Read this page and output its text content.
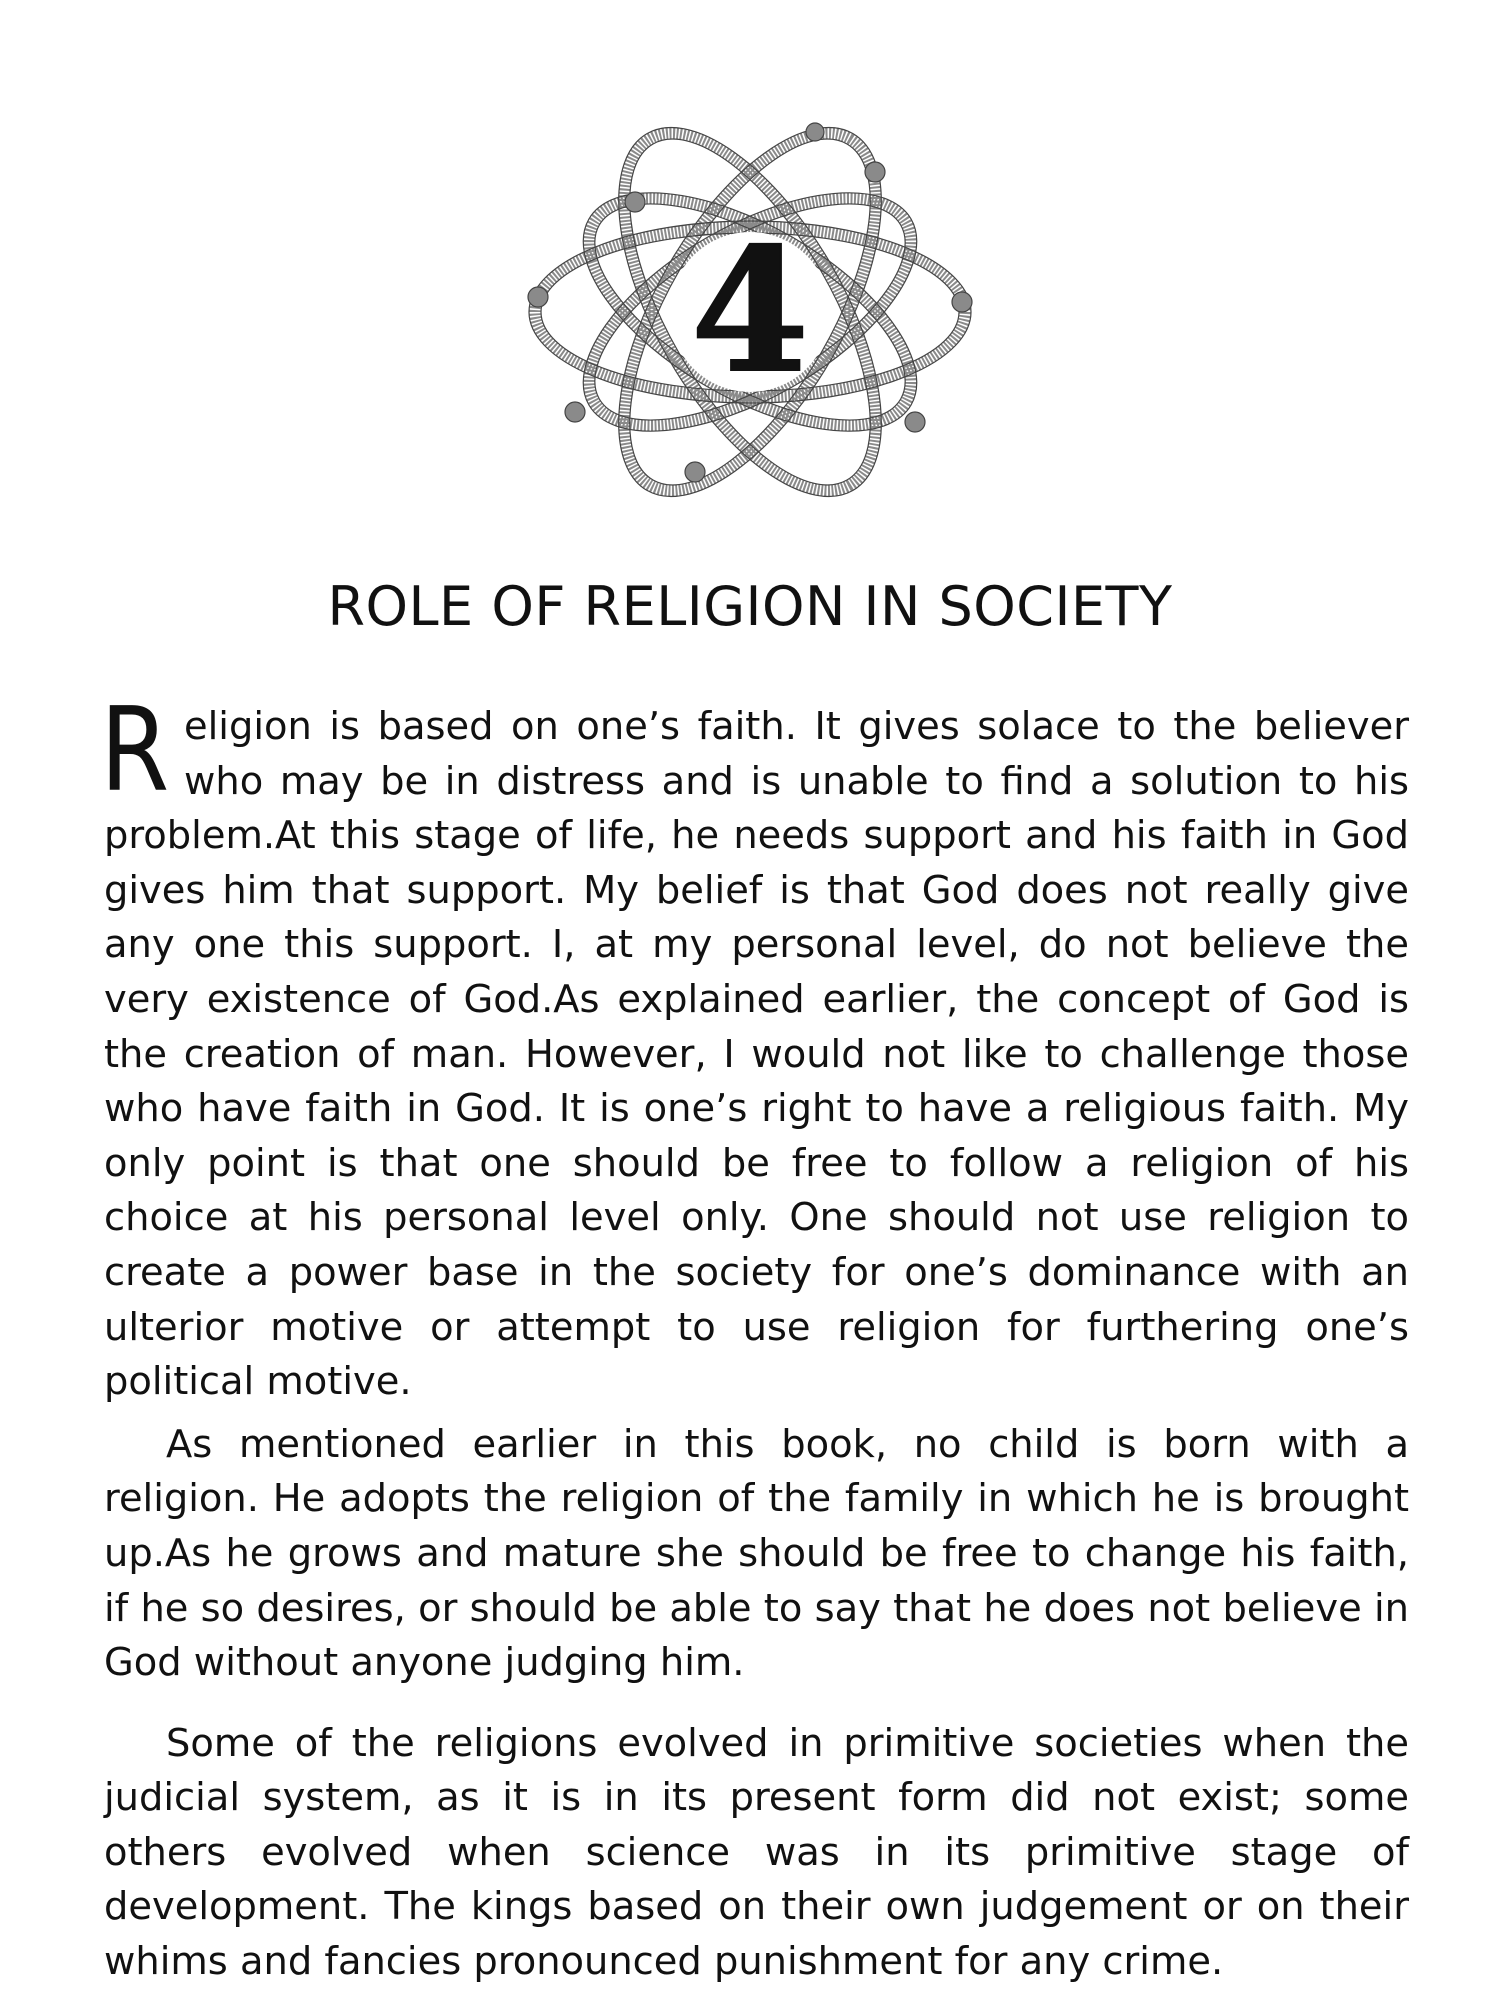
4
ROLE OF RELIGION IN SOCIETY

Religion is based on one’s faith. It gives solace to the believer who may be in distress and is unable to find a solution to his problem.At this stage of life, he needs support and his faith in God gives him that support. My belief is that God does not really give any one this support. I, at my personal level, do not believe the very existence of God.As explained earlier, the concept of God is the creation of man. However, I would not like to challenge those who have faith in God. It is one’s right to have a religious faith. My only point is that one should be free to follow a religion of his choice at his personal level only. One should not use religion to create a power base in the society for one’s dominance with an ulterior motive or attempt to use religion for furthering one’s political motive.

As mentioned earlier in this book, no child is born with a religion. He adopts the religion of the family in which he is brought up.As he grows and mature she should be free to change his faith, if he so desires, or should be able to say that he does not believe in God without anyone judging him.

Some of the religions evolved in primitive societies when the judicial system, as it is in its present form did not exist; some others evolved when science was in its primitive stage of development. The kings based on their own judgement or on their whims and fancies pronounced punishment for any crime.
